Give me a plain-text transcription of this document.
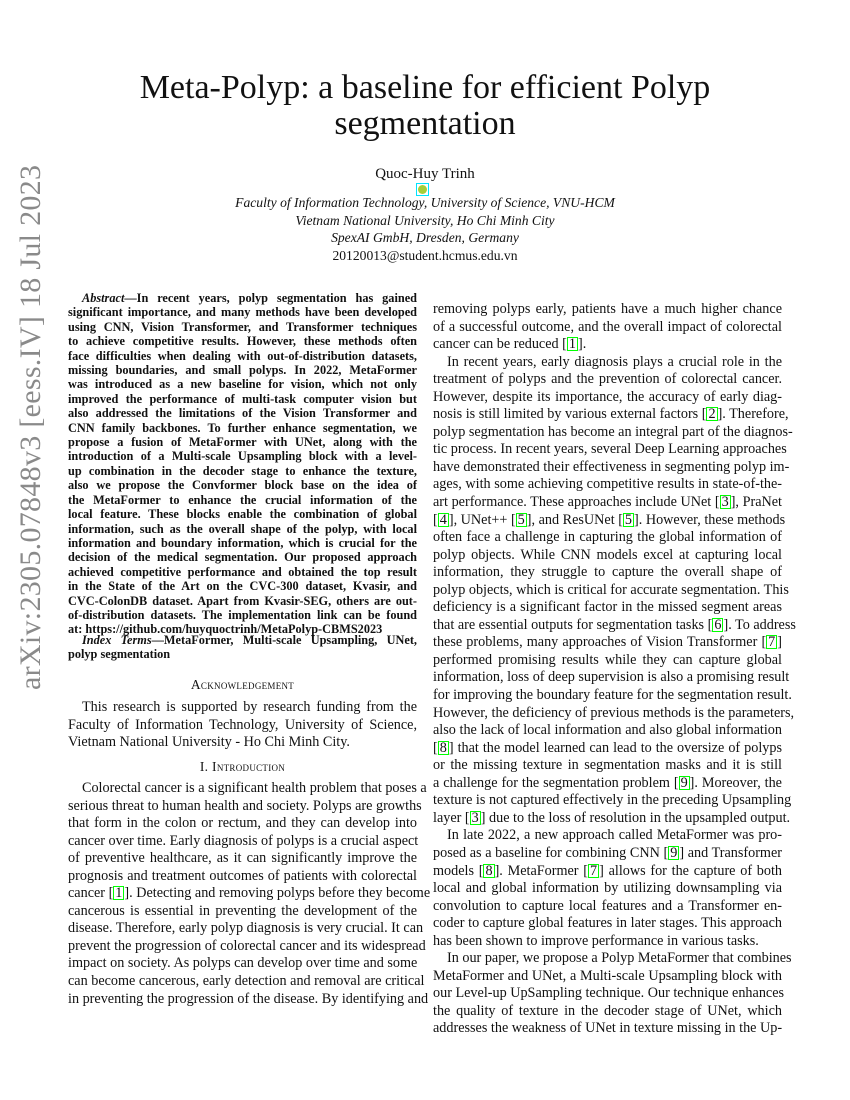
Meta-Polyp: a baseline for efficient Polyp
segmentation
Quoc-Huy Trinh
Faculty of Information Technology, University of Science, VNU-HCM
Vietnam National University, Ho Chi Minh City
SpexAI GmbH, Dresden, Germany
20120013@student.hcmus.edu.vn
arXiv:2305.07848v3 [eess.IV] 18 Jul 2023	Acknowledgement
I. Introduction
Abstract—In recent years, polyp segmentation has gained
significant importance, and many methods have been developed
using CNN, Vision Transformer, and Transformer techniques
to achieve competitive results. However, these methods often
face difficulties when dealing with out-of-distribution datasets,
missing boundaries, and small polyps. In 2022, MetaFormer
was introduced as a new baseline for vision, which not only
improved the performance of multi-task computer vision but
also addressed the limitations of the Vision Transformer and
CNN family backbones. To further enhance segmentation, we
propose a fusion of MetaFormer with UNet, along with the
introduction of a Multi-scale Upsampling block with a level-
up combination in the decoder stage to enhance the texture,
also we propose the Convformer block base on the idea of
the MetaFormer to enhance the crucial information of the
local feature. These blocks enable the combination of global
information, such as the overall shape of the polyp, with local
information and boundary information, which is crucial for the
decision of the medical segmentation. Our proposed approach
achieved competitive performance and obtained the top result
in the State of the Art on the CVC-300 dataset, Kvasir, and
CVC-ColonDB dataset. Apart from Kvasir-SEG, others are out-
of-distribution datasets. The implementation link can be found
at: https://github.com/huyquoctrinh/MetaPolyp-CBMS2023
Index Terms—MetaFormer, Multi-scale Upsampling, UNet,
polyp segmentation
This research is supported by research funding from the
Faculty of Information Technology, University of Science,
Vietnam National University - Ho Chi Minh City.
Colorectal cancer is a significant health problem that poses a
serious threat to human health and society. Polyps are growths
that form in the colon or rectum, and they can develop into
cancer over time. Early diagnosis of polyps is a crucial aspect
of preventive healthcare, as it can significantly improve the
prognosis and treatment outcomes of patients with colorectal
cancer [ 1 ]. Detecting and removing polyps before they become
cancerous is essential in preventing the development of the
disease. Therefore, early polyp diagnosis is very crucial. It can
prevent the progression of colorectal cancer and its widespread
impact on society. As polyps can develop over time and some
can become cancerous, early detection and removal are critical
in preventing the progression of the disease. By identifying and
removing polyps early, patients have a much higher chance
of a successful outcome, and the overall impact of colorectal
cancer can be reduced [ 1 ].
In recent years, early diagnosis plays a crucial role in the
treatment of polyps and the prevention of colorectal cancer.
However, despite its importance, the accuracy of early diag-
nosis is still limited by various external factors [ 2 ]. Therefore,
polyp segmentation has become an integral part of the diagnos-
tic process. In recent years, several Deep Learning approaches
have demonstrated their effectiveness in segmenting polyp im-
ages, with some achieving competitive results in state-of-the-
art performance. These approaches include UNet [ 3 ], PraNet
[ 4 ], UNet++ [ 5 ], and ResUNet [ 5 ]. However, these methods
often face a challenge in capturing the global information of
polyp objects. While CNN models excel at capturing local
information, they struggle to capture the overall shape of
polyp objects, which is critical for accurate segmentation. This
deficiency is a significant factor in the missed segment areas
that are essential outputs for segmentation tasks [ 6 ]. To address
these problems, many approaches of Vision Transformer [ 7 ]
performed promising results while they can capture global
information, loss of deep supervision is also a promising result
for improving the boundary feature for the segmentation result.
However, the deficiency of previous methods is the parameters,
also the lack of local information and also global information
[ 8 ] that the model learned can lead to the oversize of polyps
or the missing texture in segmentation masks and it is still
a challenge for the segmentation problem [ 9 ]. Moreover, the
texture is not captured effectively in the preceding Upsampling
layer [ 3 ] due to the loss of resolution in the upsampled output.
In late 2022, a new approach called MetaFormer was pro-
posed as a baseline for combining CNN [ 9 ] and Transformer
models [ 8 ]. MetaFormer [ 7 ] allows for the capture of both
local and global information by utilizing downsampling via
convolution to capture local features and a Transformer en-
coder to capture global features in later stages. This approach
has been shown to improve performance in various tasks.
In our paper, we propose a Polyp MetaFormer that combines
MetaFormer and UNet, a Multi-scale Upsampling block with
our Level-up UpSampling technique. Our technique enhances
the quality of texture in the decoder stage of UNet, which
addresses the weakness of UNet in texture missing in the Up-
